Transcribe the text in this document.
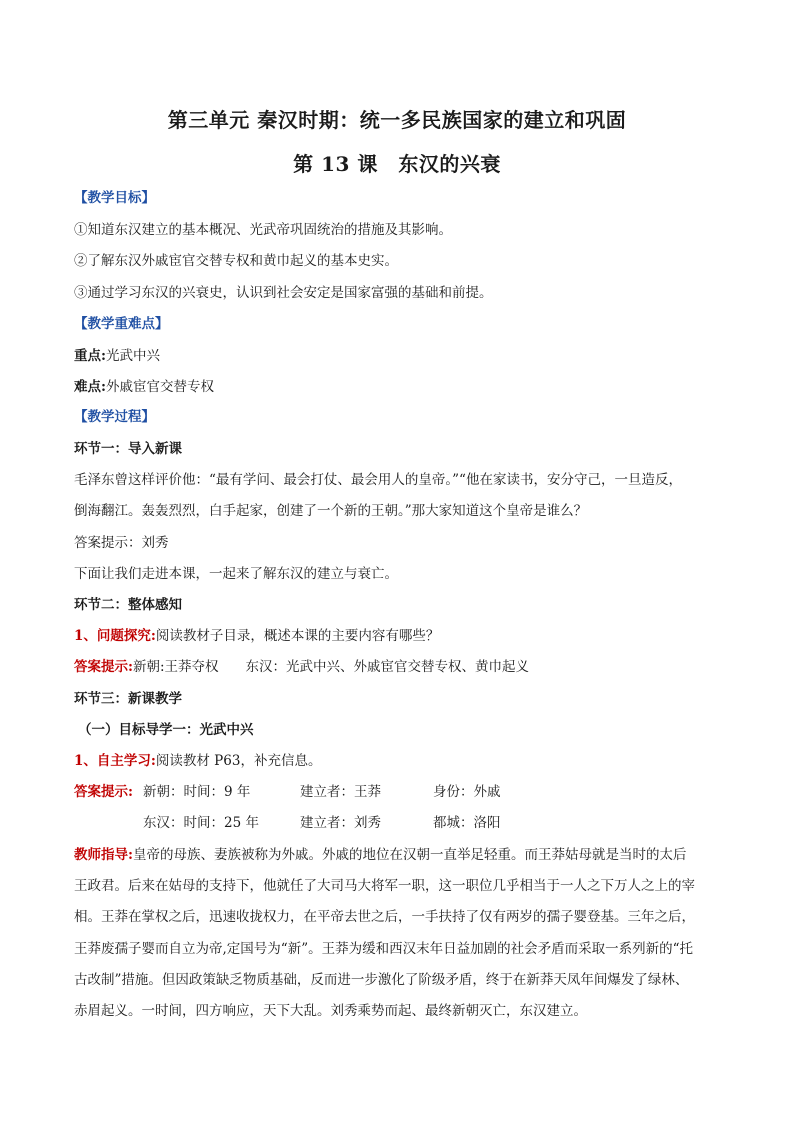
第三单元 秦汉时期：统一多民族国家的建立和巩固
第 13 课　东汉的兴衰
【教学目标】
①知道东汉建立的基本概况、光武帝巩固统治的措施及其影响。
②了解东汉外戚宦官交替专权和黄巾起义的基本史实。
③通过学习东汉的兴衰史，认识到社会安定是国家富强的基础和前提。
【教学重难点】
重点:光武中兴
难点:外戚宦官交替专权
【教学过程】
环节一：导入新课
毛泽东曾这样评价他：“最有学问、最会打仗、最会用人的皇帝。”“他在家读书，安分守己，一旦造反，
倒海翻江。轰轰烈烈，白手起家，创建了一个新的王朝。”那大家知道这个皇帝是谁么？
答案提示：刘秀
下面让我们走进本课，一起来了解东汉的建立与衰亡。
环节二：整体感知
1、问题探究:阅读教材子目录，概述本课的主要内容有哪些？
答案提示:新朝:王莽夺权　　东汉：光武中兴、外戚宦官交替专权、黄巾起义
环节三：新课教学
（一）目标导学一：光武中兴
1、自主学习:阅读教材 P63，补充信息。
答案提示: 新朝：时间：9 年	建立者：王莽	身份：外戚
东汉：时间：25 年	建立者：刘秀	都城：洛阳
教师指导:皇帝的母族、妻族被称为外戚。外戚的地位在汉朝一直举足轻重。而王莽姑母就是当时的太后
王政君。后来在姑母的支持下，他就任了大司马大将军一职，这一职位几乎相当于一人之下万人之上的宰
相。王莽在掌权之后，迅速收拢权力，在平帝去世之后，一手扶持了仅有两岁的孺子婴登基。三年之后，
王莽废孺子婴而自立为帝,定国号为“新”。王莽为缓和西汉末年日益加剧的社会矛盾而采取一系列新的“托
古改制”措施。但因政策缺乏物质基础，反而进一步激化了阶级矛盾，终于在新莽天凤年间爆发了绿林、
赤眉起义。一时间，四方响应，天下大乱。刘秀乘势而起、最终新朝灭亡，东汉建立。
